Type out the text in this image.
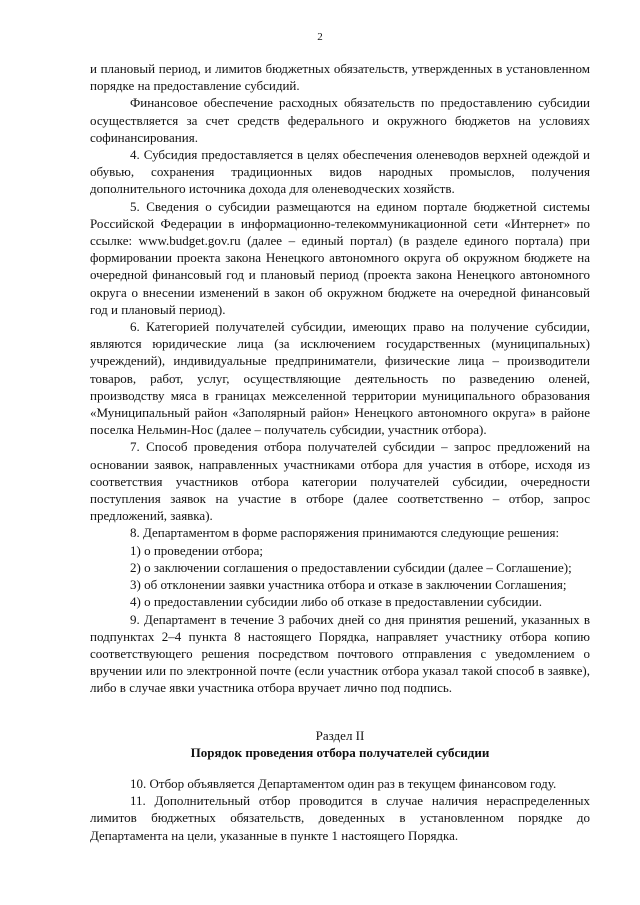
2

и плановый период, и лимитов бюджетных обязательств, утвержденных в установленном порядке на предоставление субсидий.

Финансовое обеспечение расходных обязательств по предоставлению субсидии осуществляется за счет средств федерального и окружного бюджетов на условиях софинансирования.

4. Субсидия предоставляется в целях обеспечения оленеводов верхней одеждой и обувью, сохранения традиционных видов народных промыслов, получения дополнительного источника дохода для оленеводческих хозяйств.

5. Сведения о субсидии размещаются на едином портале бюджетной системы Российской Федерации в информационно-телекоммуникационной сети «Интернет» по ссылке: www.budget.gov.ru (далее – единый портал) (в разделе единого портала) при формировании проекта закона Ненецкого автономного округа об окружном бюджете на очередной финансовый год и плановый период (проекта закона Ненецкого автономного округа о внесении изменений в закон об окружном бюджете на очередной финансовый год и плановый период).

6. Категорией получателей субсидии, имеющих право на получение субсидии, являются юридические лица (за исключением государственных (муниципальных) учреждений), индивидуальные предприниматели, физические лица – производители товаров, работ, услуг, осуществляющие деятельность по разведению оленей, производству мяса в границах межселенной территории муниципального образования «Муниципальный район «Заполярный район» Ненецкого автономного округа» в районе поселка Нельмин-Нос (далее – получатель субсидии, участник отбора).

7. Способ проведения отбора получателей субсидии – запрос предложений на основании заявок, направленных участниками отбора для участия в отборе, исходя из соответствия участников отбора категории получателей субсидии, очередности поступления заявок на участие в отборе (далее соответственно – отбор, запрос предложений, заявка).

8. Департаментом в форме распоряжения принимаются следующие решения:

1) о проведении отбора;

2) о заключении соглашения о предоставлении субсидии (далее – Соглашение);

3) об отклонении заявки участника отбора и отказе в заключении Соглашения;

4) о предоставлении субсидии либо об отказе в предоставлении субсидии.

9. Департамент в течение 3 рабочих дней со дня принятия решений, указанных в подпунктах 2–4 пункта 8 настоящего Порядка, направляет участнику отбора копию соответствующего решения посредством почтового отправления с уведомлением о вручении или по электронной почте (если участник отбора указал такой способ в заявке), либо в случае явки участника отбора вручает лично под подпись.

Раздел II
Порядок проведения отбора получателей субсидии

10. Отбор объявляется Департаментом один раз в текущем финансовом году.

11. Дополнительный отбор проводится в случае наличия нераспределенных лимитов бюджетных обязательств, доведенных в установленном порядке до Департамента на цели, указанные в пункте 1 настоящего Порядка.
